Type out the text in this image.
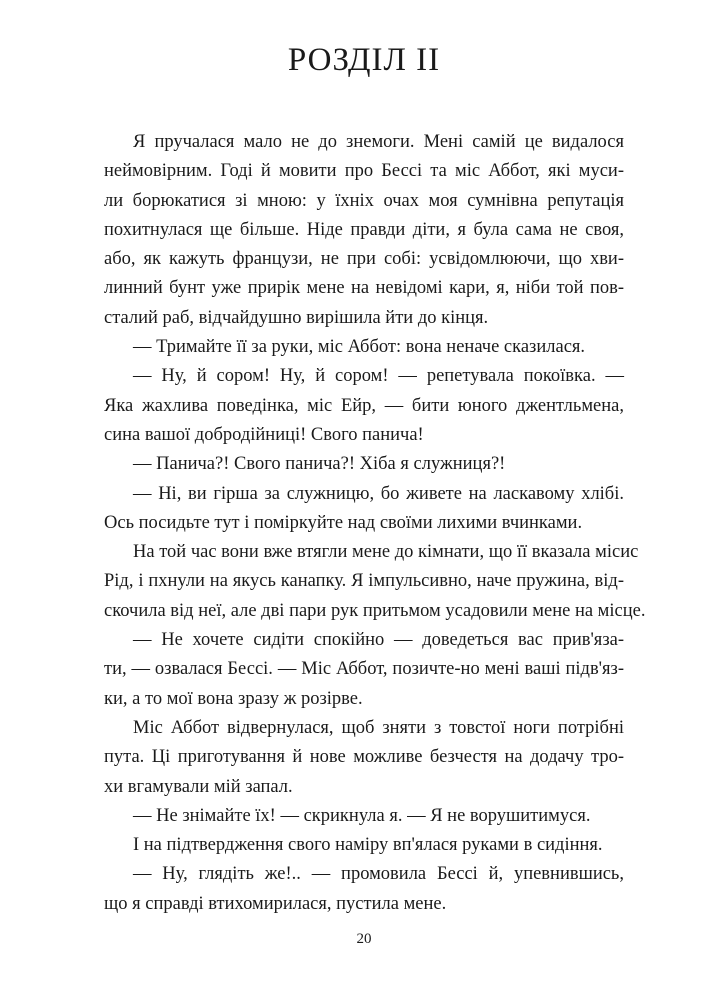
РОЗДІЛ II

Я пручалася мало не до знемоги. Мені самій це видалося
неймовірним. Годі й мовити про Бессі та міс Аббот, які муси-
ли борюкатися зі мною: у їхніх очах моя сумнівна репутація
похитнулася ще більше. Ніде правди діти, я була сама не своя,
або, як кажуть французи, не при собі: усвідомлюючи, що хви-
линний бунт уже прирік мене на невідомі кари, я, ніби той пов-
сталий раб, відчайдушно вирішила йти до кінця.

— Тримайте її за руки, міс Аббот: вона неначе сказилася.

— Ну, й сором! Ну, й сором! — репетувала покоївка. —
Яка жахлива поведінка, міс Ейр, — бити юного джентльмена,
сина вашої добродійниці! Свого панича!

— Панича?! Свого панича?! Хіба я служниця?!

— Ні, ви гірша за служницю, бо живете на ласкавому хлібі.
Ось посидьте тут і поміркуйте над своїми лихими вчинками.

На той час вони вже втягли мене до кімнати, що її вказала місис
Рід, і пхнули на якусь канапку. Я імпульсивно, наче пружина, від-
скочила від неї, але дві пари рук притьмом усадовили мене на місце.

— Не хочете сидіти спокійно — доведеться вас прив'яза-
ти, — озвалася Бессі. — Міс Аббот, позичте-но мені ваші підв'яз-
ки, а то мої вона зразу ж розірве.

Міс Аббот відвернулася, щоб зняти з товстої ноги потрібні
пута. Ці приготування й нове можливе безчестя на додачу тро-
хи вгамували мій запал.

— Не знімайте їх! — скрикнула я. — Я не ворушитимуся.

І на підтвердження свого наміру вп'ялася руками в сидіння.

— Ну, глядіть же!.. — промовила Бессі й, упевнившись,
що я справді втихомирилася, пустила мене.

20
